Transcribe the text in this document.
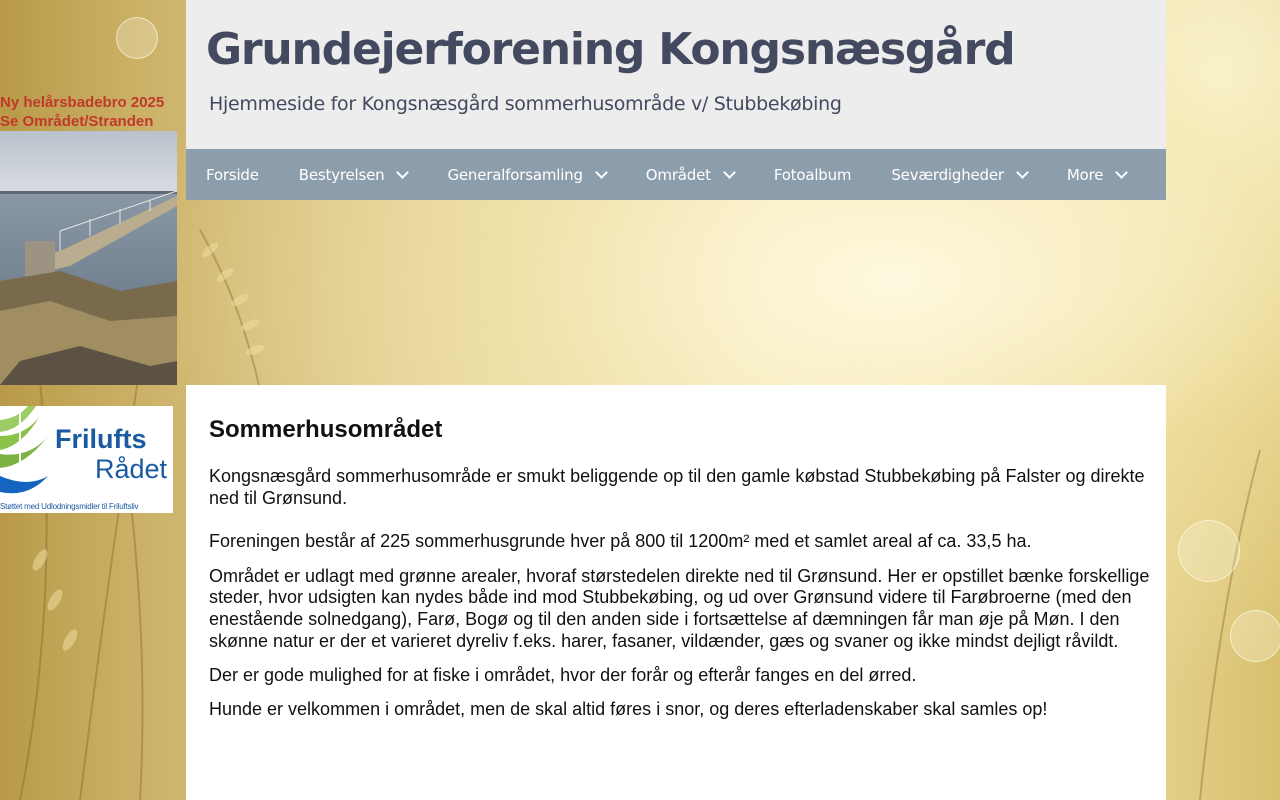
Ny helårsbadebro 2025
Se Området/Stranden
Frilufts
Rådet
Støttet med Udlodningsmidler til Friluftsliv
Grundejerforening Kongsnæsgård

Hjemmeside for Kongsnæsgård sommerhusområde v/ Stubbekøbing

Forside	Bestyrelsen	Generalforsamling	Området	Fotoalbum	Seværdigheder	More
Sommerhusområdet

Kongsnæsgård sommerhusområde er smukt beliggende op til den gamle købstad Stubbekøbing på Falster og direkte ned til Grønsund.

Foreningen består af 225 sommerhusgrunde hver på 800 til 1200m² med et samlet areal af ca. 33,5 ha.

Området er udlagt med grønne arealer, hvoraf størstedelen direkte ned til Grønsund. Her er opstillet bænke forskellige steder, hvor udsigten kan nydes både ind mod Stubbekøbing, og ud over Grønsund videre til Farøbroerne (med den enestående solnedgang), Farø, Bogø og til den anden side i fortsættelse af dæmningen får man øje på Møn. I den skønne natur er der et varieret dyreliv f.eks. harer, fasaner, vildænder, gæs og svaner og ikke mindst dejligt råvildt.

Der er gode mulighed for at fiske i området, hvor der forår og efterår fanges en del ørred.

Hunde er velkommen i området, men de skal altid føres i snor, og deres efterladenskaber skal samles op!
